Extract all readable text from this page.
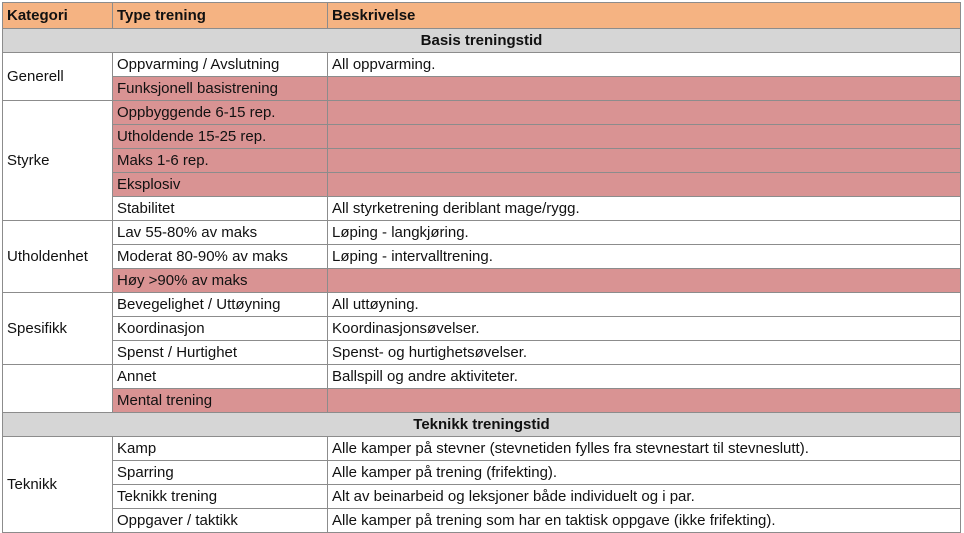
Kategori	Type trening	Beskrivelse
Basis treningstid		
Generell	Oppvarming / Avslutning	All oppvarming.
	Funksjonell basistrening	
Styrke	Oppbyggende 6-15 rep.	
	Utholdende 15-25 rep.	
	Maks 1-6 rep.	
	Eksplosiv	
	Stabilitet	All styrketrening deriblant mage/rygg.
Utholdenhet	Lav 55-80% av maks	Løping - langkjøring.
	Moderat 80-90% av maks	Løping - intervalltrening.
	Høy >90% av maks	
Spesifikk	Bevegelighet / Uttøyning	All uttøyning.
	Koordinasjon	Koordinasjonsøvelser.
	Spenst / Hurtighet	Spenst- og hurtighetsøvelser.
	Annet	Ballspill og andre aktiviteter.
	Mental trening	
Teknikk treningstid		
Teknikk	Kamp	Alle kamper på stevner (stevnetiden fylles fra stevnestart til stevneslutt).
	Sparring	Alle kamper på trening (frifekting).
	Teknikk trening	Alt av beinarbeid og leksjoner både individuelt og i par.
	Oppgaver / taktikk	Alle kamper på trening som har en taktisk oppgave (ikke frifekting).
